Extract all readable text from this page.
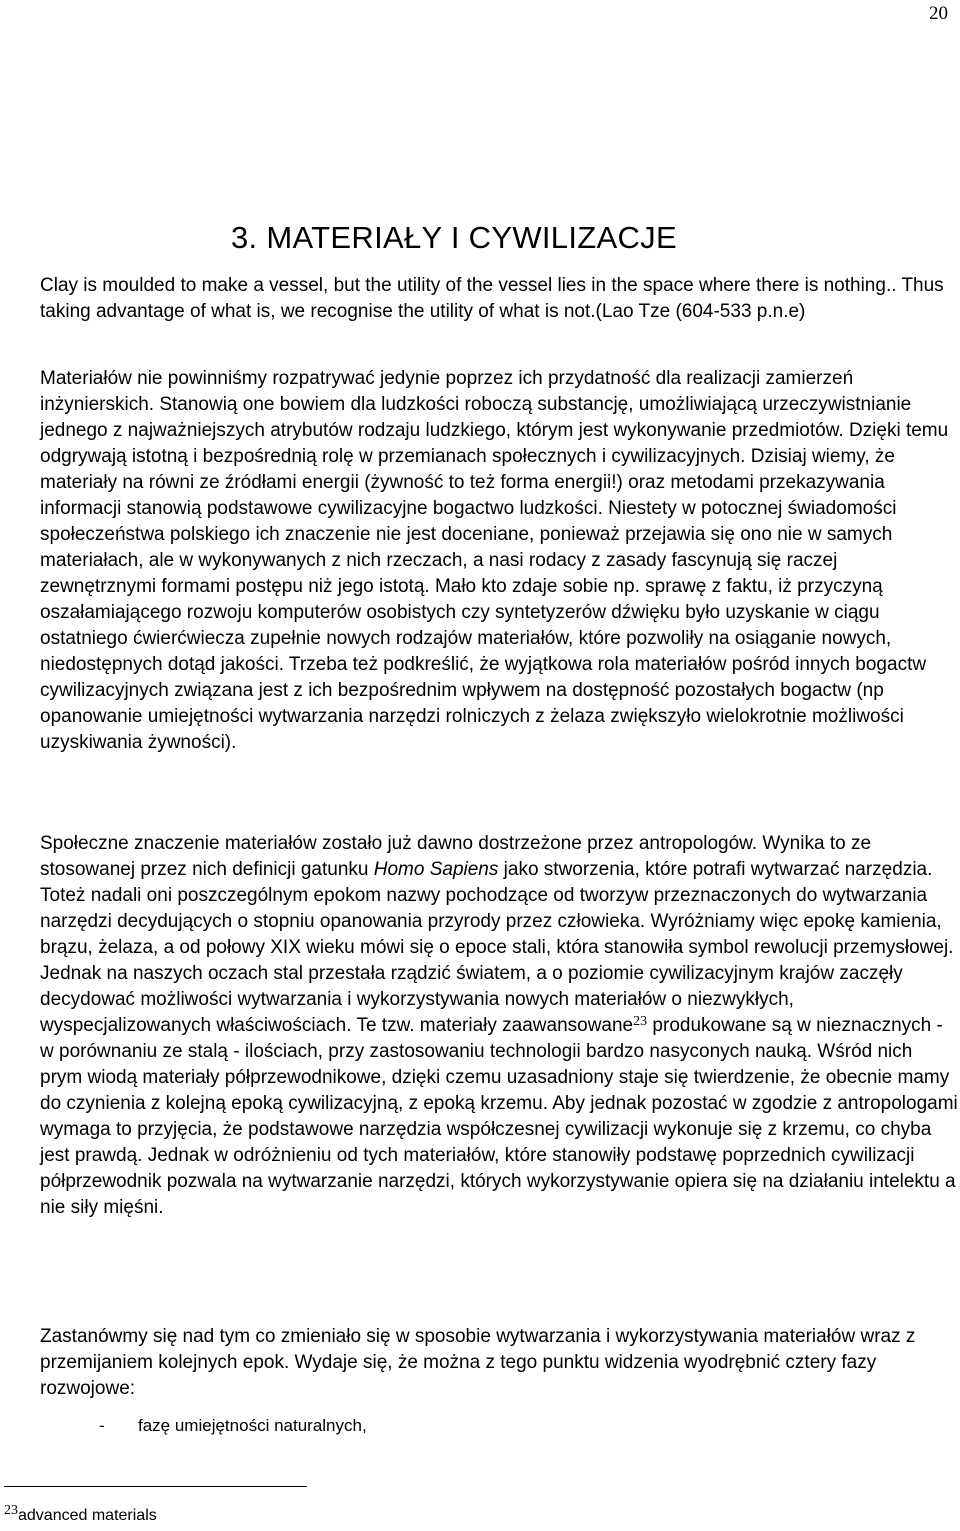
20
3. MATERIAŁY I CYWILIZACJE

Clay is moulded to make a vessel, but the utility of the vessel lies in the space where there is nothing.. Thus taking advantage of what is, we recognise the utility of what is not.(Lao Tze (604-533 p.n.e)

Materiałów nie powinniśmy rozpatrywać jedynie poprzez ich przydatność dla realizacji zamierzeń inżynierskich. Stanowią one bowiem dla ludzkości roboczą substancję, umożliwiającą urzeczywistnianie jednego z najważniejszych atrybutów rodzaju ludzkiego, którym jest wykonywanie przedmiotów. Dzięki temu odgrywają istotną i bezpośrednią rolę w przemianach społecznych i cywilizacyjnych. Dzisiaj wiemy, że materiały na równi ze źródłami energii (żywność to też forma energii!) oraz metodami przekazywania informacji stanowią podstawowe cywilizacyjne bogactwo ludzkości. Niestety w potocznej świadomości społeczeństwa polskiego ich znaczenie nie jest doceniane, ponieważ przejawia się ono nie w samych materiałach, ale w wykonywanych z nich rzeczach, a nasi rodacy z zasady fascynują się raczej zewnętrznymi formami postępu niż jego istotą. Mało kto zdaje sobie np. sprawę z faktu, iż przyczyną oszałamiającego rozwoju komputerów osobistych czy syntetyzerów dźwięku było uzyskanie w ciągu ostatniego ćwierćwiecza zupełnie nowych rodzajów materiałów, które pozwoliły na osiąganie nowych, niedostępnych dotąd jakości. Trzeba też podkreślić, że wyjątkowa rola materiałów pośród innych bogactw cywilizacyjnych związana jest z ich bezpośrednim wpływem na dostępność pozostałych bogactw (np opanowanie umiejętności wytwarzania narzędzi rolniczych z żelaza zwiększyło wielokrotnie możliwości uzyskiwania żywności).

Społeczne znaczenie materiałów zostało już dawno dostrzeżone przez antropologów. Wynika to ze stosowanej przez nich definicji gatunku Homo Sapiens jako stworzenia, które potrafi wytwarzać narzędzia. Toteż nadali oni poszczególnym epokom nazwy pochodzące od tworzyw przeznaczonych do wytwarzania narzędzi decydujących o stopniu opanowania przyrody przez człowieka. Wyróżniamy więc epokę kamienia, brązu, żelaza, a od połowy XIX wieku mówi się o epoce stali, która stanowiła symbol rewolucji przemysłowej. Jednak na naszych oczach stal przestała rządzić światem, a o poziomie cywilizacyjnym krajów zaczęły decydować możliwości wytwarzania i wykorzystywania nowych materiałów o niezwykłych, wyspecjalizowanych właściwościach. Te tzw. materiały zaawansowane$^{23}$ produkowane są w nieznacznych - w porównaniu ze stalą - ilościach, przy zastosowaniu technologii bardzo nasyconych nauką. Wśród nich prym wiodą materiały półprzewodnikowe, dzięki czemu uzasadniony staje się twierdzenie, że obecnie mamy do czynienia z kolejną epoką cywilizacyjną, z epoką krzemu. Aby jednak pozostać w zgodzie z antropologami wymaga to przyjęcia, że podstawowe narzędzia współczesnej cywilizacji wykonuje się z krzemu, co chyba jest prawdą. Jednak w odróżnieniu od tych materiałów, które stanowiły podstawę poprzednich cywilizacji półprzewodnik pozwala na wytwarzanie narzędzi, których wykorzystywanie opiera się na działaniu intelektu a nie siły mięśni.

Zastanówmy się nad tym co zmieniało się w sposobie wytwarzania i wykorzystywania materiałów wraz z przemijaniem kolejnych epok. Wydaje się, że można z tego punktu widzenia wyodrębnić cztery fazy rozwojowe:

-	fazę umiejętności naturalnych,
23advanced materials
